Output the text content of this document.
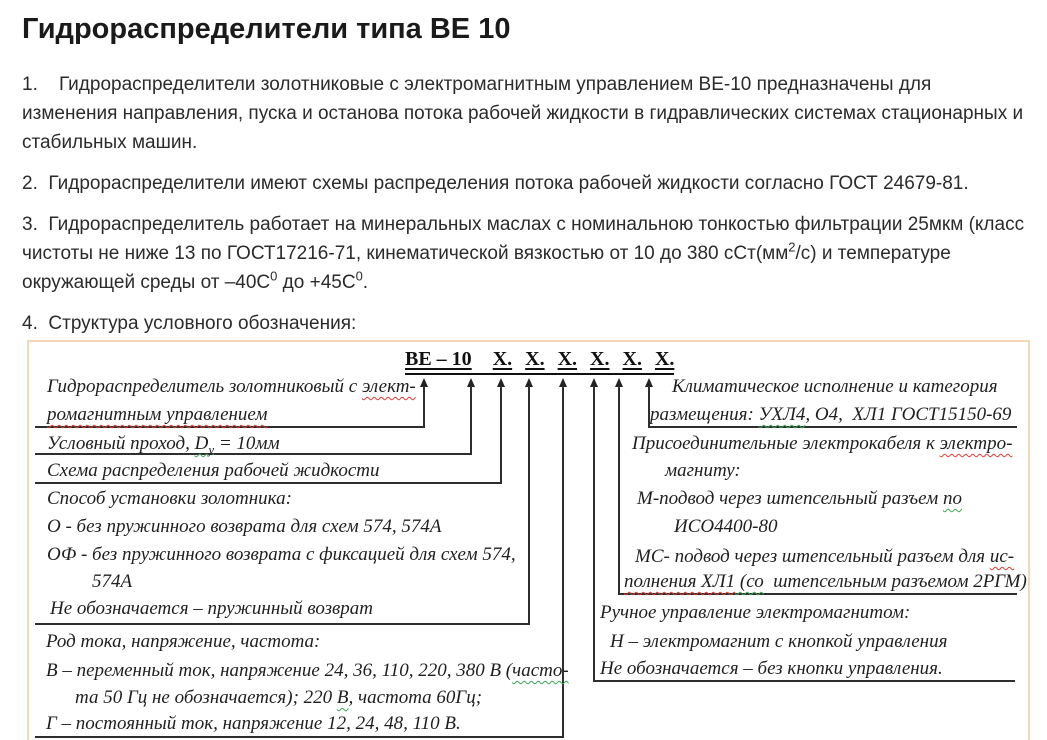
Гидрораспределители типа ВЕ 10

1.    Гидрораспределители золотниковые с электромагнитным управлением ВЕ-10 предназначены для изменения направления, пуска и останова потока рабочей жидкости в гидравлических системах стационарных и стабильных машин.

2.  Гидрораспределители имеют схемы распределения потока рабочей жидкости согласно ГОСТ 24679-81.

3.  Гидрораспределитель работает на минеральных маслах с номинальною тонкостью фильтрации 25мкм (класс чистоты не ниже 13 по ГОСТ17216-71, кинематической вязкостью от 10 до 380 $сСт(мм^2/с)$ и температуре окружающей среды от $-40С^0$ до $+45С^0$.

4.  Структура условного обозначения:

ВЕ – 10 Х. Х. Х. Х. Х. Х.
Гидрораспределитель золотниковый с элект-
ромагнитным управлением
Условный проход, $D_у = 10мм$
Схема распределения рабочей жидкости
Способ установки золотника:
О - без пружинного возврата для схем 574, 574А
ОФ - без пружинного возврата с фиксацией для схем 574,
574А
Не обозначается – пружинный возврат
Род тока, напряжение, частота:
В – переменный ток, напряжение 24, 36, 110, 220, 380 В (часто-
та 50 Гц не обозначается); 220 В, частота 60Гц;
Г – постоянный ток, напряжение 12, 24, 48, 110 В.
Климатическое исполнение и категория
размещения: УХЛ4, О4,  ХЛ1 ГОСТ15150-69
Присоединительные электрокабеля к электро-
магниту:
М-подвод через штепсельный разъем по
ИСО4400-80
МС- подвод через штепсельный разъем для ис-
полнения ХЛ1 (со  штепсельным разъемом 2РГМ)
Ручное управление электромагнитом:
Н – электромагнит с кнопкой управления
Не обозначается – без кнопки управления.
